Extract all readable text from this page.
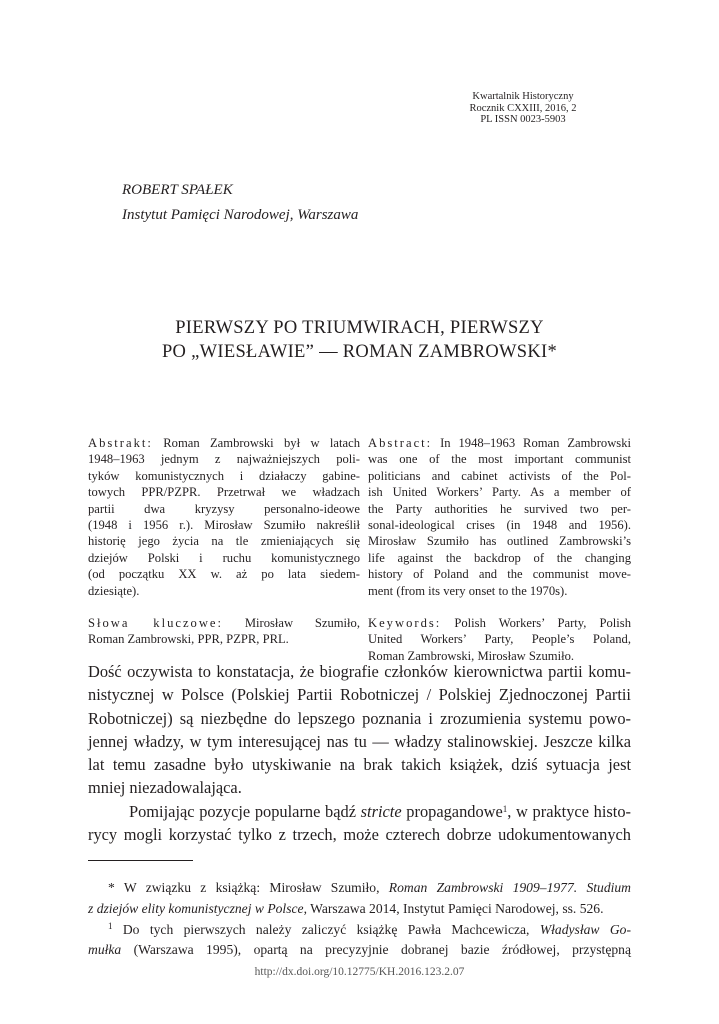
Kwartalnik Historyczny
Rocznik CXXIII, 2016, 2
PL ISSN 0023-5903
ROBERT SPAŁEK
Instytut Pamięci Narodowej, Warszawa
PIERWSZY PO TRIUMWIRACH, PIERWSZY
PO „WIESŁAWIE” — ROMAN ZAMBROWSKI*
Abstrakt: Roman Zambrowski był w latach
1948–1963 jednym z najważniejszych poli-
tyków komunistycznych i działaczy gabine-
towych PPR/PZPR. Przetrwał we władzach
partii dwa kryzysy personalno-ideowe
(1948 i 1956 r.). Mirosław Szumiło nakreślił
historię jego życia na tle zmieniających się
dziejów Polski i ruchu komunistycznego
(od początku XX w. aż po lata siedem-
dziesiąte).
Słowa kluczowe: Mirosław Szumiło,
Roman Zambrowski, PPR, PZPR, PRL.
Abstract: In 1948–1963 Roman Zambrowski
was one of the most important communist
politicians and cabinet activists of the Pol-
ish United Workers’ Party. As a member of
the Party authorities he survived two per-
sonal-ideological crises (in 1948 and 1956).
Mirosław Szumiło has outlined Zambrowski’s
life against the backdrop of the changing
history of Poland and the communist move-
ment (from its very onset to the 1970s).
Keywords: Polish Workers’ Party, Polish
United Workers’ Party, People’s Poland,
Roman Zambrowski, Mirosław Szumiło.
Dość oczywista to konstatacja, że biografie członków kierownictwa partii komu-
nistycznej w Polsce (Polskiej Partii Robotniczej / Polskiej Zjednoczonej Partii
Robotniczej) są niezbędne do lepszego poznania i zrozumienia systemu powo-
jennej władzy, w tym interesującej nas tu — władzy stalinowskiej. Jeszcze kilka
lat temu zasadne było utyskiwanie na brak takich książek, dziś sytuacja jest
mniej niezadowalająca.
Pomijając pozycje popularne bądź stricte propagandowe$^1$, w praktyce histo-
rycy mogli korzystać tylko z trzech, może czterech dobrze udokumentowanych
* W związku z książką: Mirosław Szumiło, Roman Zambrowski 1909–1977. Studium
z dziejów elity komunistycznej w Polsce, Warszawa 2014, Instytut Pamięci Narodowej, ss. 526.
$^1$ Do tych pierwszych należy zaliczyć książkę Pawła Machcewicza, Władysław Go-
mułka (Warszawa 1995), opartą na precyzyjnie dobranej bazie źródłowej, przystępną
http://dx.doi.org/10.12775/KH.2016.123.2.07
